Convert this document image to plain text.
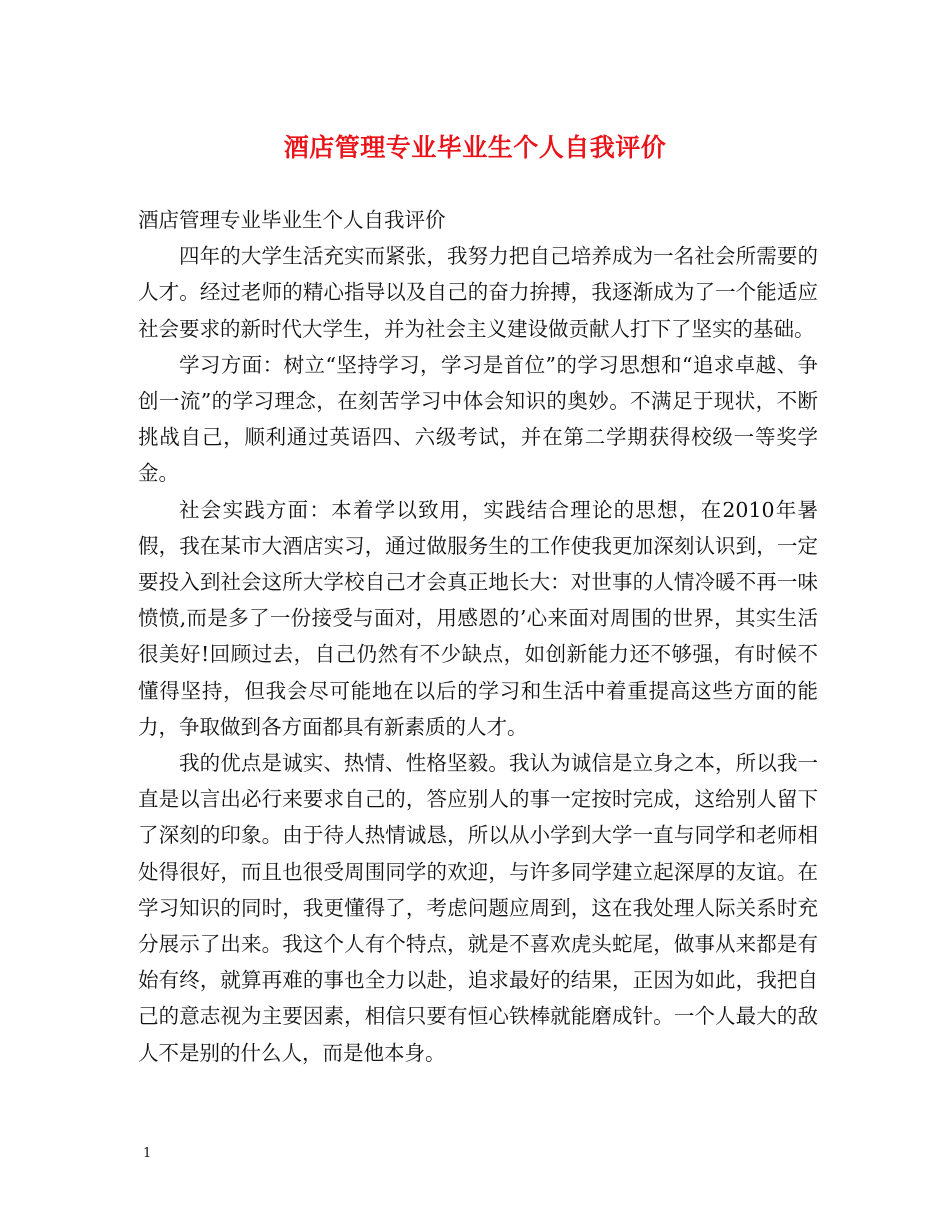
酒店管理专业毕业生个人自我评价

酒店管理专业毕业生个人自我评价

四年的大学生活充实而紧张，我努力把自己培养成为一名社会所需要的人才。经过老师的精心指导以及自己的奋力拚搏，我逐渐成为了一个能适应社会要求的新时代大学生，并为社会主义建设做贡献人打下了坚实的基础。

学习方面：树立“坚持学习，学习是首位”的学习思想和“追求卓越、争创一流”的学习理念，在刻苦学习中体会知识的奥妙。不满足于现状，不断挑战自己，顺利通过英语四、六级考试，并在第二学期获得校级一等奖学金。

社会实践方面：本着学以致用，实践结合理论的思想，在2010年暑假，我在某市大酒店实习，通过做服务生的工作使我更加深刻认识到，一定要投入到社会这所大学校自己才会真正地长大：对世事的人情冷暖不再一味愤愤,而是多了一份接受与面对，用感恩的’心来面对周围的世界，其实生活很美好!回顾过去，自己仍然有不少缺点，如创新能力还不够强，有时候不懂得坚持，但我会尽可能地在以后的学习和生活中着重提高这些方面的能力，争取做到各方面都具有新素质的人才。

我的优点是诚实、热情、性格坚毅。我认为诚信是立身之本，所以我一直是以言出必行来要求自己的，答应别人的事一定按时完成，这给别人留下了深刻的印象。由于待人热情诚恳，所以从小学到大学一直与同学和老师相处得很好，而且也很受周围同学的欢迎，与许多同学建立起深厚的友谊。在学习知识的同时，我更懂得了，考虑问题应周到，这在我处理人际关系时充分展示了出来。我这个人有个特点，就是不喜欢虎头蛇尾，做事从来都是有始有终，就算再难的事也全力以赴，追求最好的结果，正因为如此，我把自己的意志视为主要因素，相信只要有恒心铁棒就能磨成针。一个人最大的敌人不是别的什么人，而是他本身。

1
